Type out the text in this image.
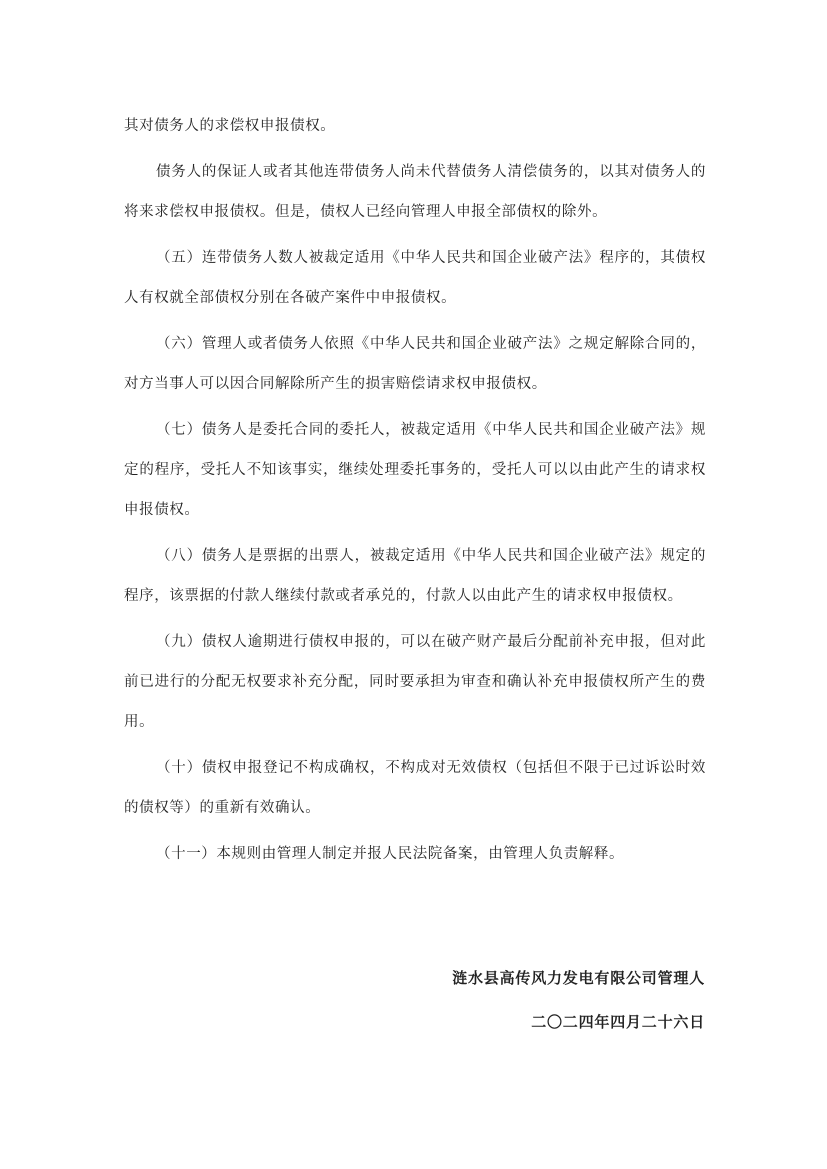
其对债务人的求偿权申报债权。

债务人的保证人或者其他连带债务人尚未代替债务人清偿债务的，以其对债务人的将来求偿权申报债权。但是，债权人已经向管理人申报全部债权的除外。

（五）连带债务人数人被裁定适用《中华人民共和国企业破产法》程序的，其债权人有权就全部债权分别在各破产案件中申报债权。

（六）管理人或者债务人依照《中华人民共和国企业破产法》之规定解除合同的，对方当事人可以因合同解除所产生的损害赔偿请求权申报债权。

（七）债务人是委托合同的委托人，被裁定适用《中华人民共和国企业破产法》规定的程序，受托人不知该事实，继续处理委托事务的，受托人可以以由此产生的请求权申报债权。

（八）债务人是票据的出票人，被裁定适用《中华人民共和国企业破产法》规定的程序，该票据的付款人继续付款或者承兑的，付款人以由此产生的请求权申报债权。

（九）债权人逾期进行债权申报的，可以在破产财产最后分配前补充申报，但对此前已进行的分配无权要求补充分配，同时要承担为审查和确认补充申报债权所产生的费用。

（十）债权申报登记不构成确权，不构成对无效债权（包括但不限于已过诉讼时效的债权等）的重新有效确认。

（十一）本规则由管理人制定并报人民法院备案，由管理人负责解释。

涟水县高传风力发电有限公司管理人

二〇二四年四月二十六日
